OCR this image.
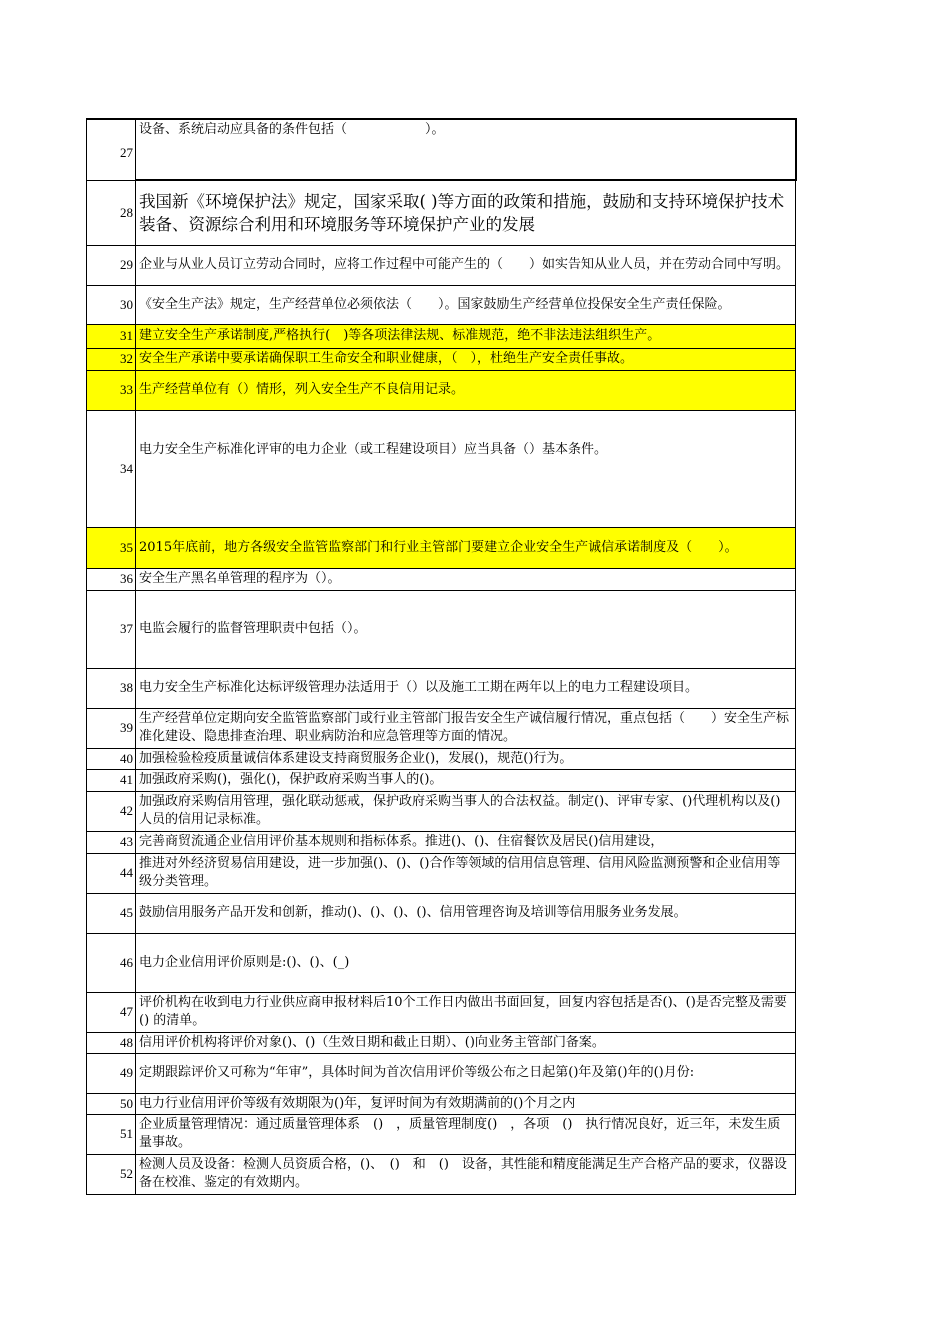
27	设备、系统启动应具备的条件包括（　　　　　　）。
28	我国新《环境保护法》规定，国家采取( )等方面的政策和措施，鼓励和支持环境保护技术装备、资源综合利用和环境服务等环境保护产业的发展
29	企业与从业人员订立劳动合同时，应将工作过程中可能产生的（　　）如实告知从业人员，并在劳动合同中写明。
30	《安全生产法》规定，生产经营单位必须依法（　　）。国家鼓励生产经营单位投保安全生产责任保险。
31	建立安全生产承诺制度,严格执行(　)等各项法律法规、标准规范，绝不非法违法组织生产。
32	安全生产承诺中要承诺确保职工生命安全和职业健康，（　），杜绝生产安全责任事故。
33	生产经营单位有（）情形，列入安全生产不良信用记录。
34	电力安全生产标准化评审的电力企业（或工程建设项目）应当具备（）基本条件。
35	2015年底前，地方各级安全监管监察部门和行业主管部门要建立企业安全生产诚信承诺制度及（　　）。
36	安全生产黑名单管理的程序为（）。
37	电监会履行的监督管理职责中包括（）。
38	电力安全生产标准化达标评级管理办法适用于（）以及施工工期在两年以上的电力工程建设项目。
39	生产经营单位定期向安全监管监察部门或行业主管部门报告安全生产诚信履行情况，重点包括（　　）安全生产标准化建设、隐患排查治理、职业病防治和应急管理等方面的情况。
40	加强检验检疫质量诚信体系建设支持商贸服务企业()，发展()，规范()行为。
41	加强政府采购()，强化()，保护政府采购当事人的()。
42	加强政府采购信用管理，强化联动惩戒，保护政府采购当事人的合法权益。制定()、评审专家、()代理机构以及()人员的信用记录标准。
43	完善商贸流通企业信用评价基本规则和指标体系。推进()、()、住宿餐饮及居民()信用建设，
44	推进对外经济贸易信用建设，进一步加强()、()、()合作等领域的信用信息管理、信用风险监测预警和企业信用等级分类管理。
45	鼓励信用服务产品开发和创新，推动()、()、()、()、信用管理咨询及培训等信用服务业务发展。
46	电力企业信用评价原则是:()、()、(_)
47	评价机构在收到电力行业供应商申报材料后10个工作日内做出书面回复，回复内容包括是否()、()是否完整及需要() 的清单。
48	信用评价机构将评价对象()、()（生效日期和截止日期）、()向业务主管部门备案。
49	定期跟踪评价又可称为“年审”，具体时间为首次信用评价等级公布之日起第()年及第()年的()月份:
50	电力行业信用评价等级有效期限为()年，复评时间为有效期满前的()个月之内
51	企业质量管理情况：通过质量管理体系　()　，质量管理制度()　，各项　()　执行情况良好，近三年，未发生质量事故。
52	检测人员及设备：检测人员资质合格，()、　()　和　()　设备，其性能和精度能满足生产合格产品的要求，仪器设备在校准、鉴定的有效期内。
